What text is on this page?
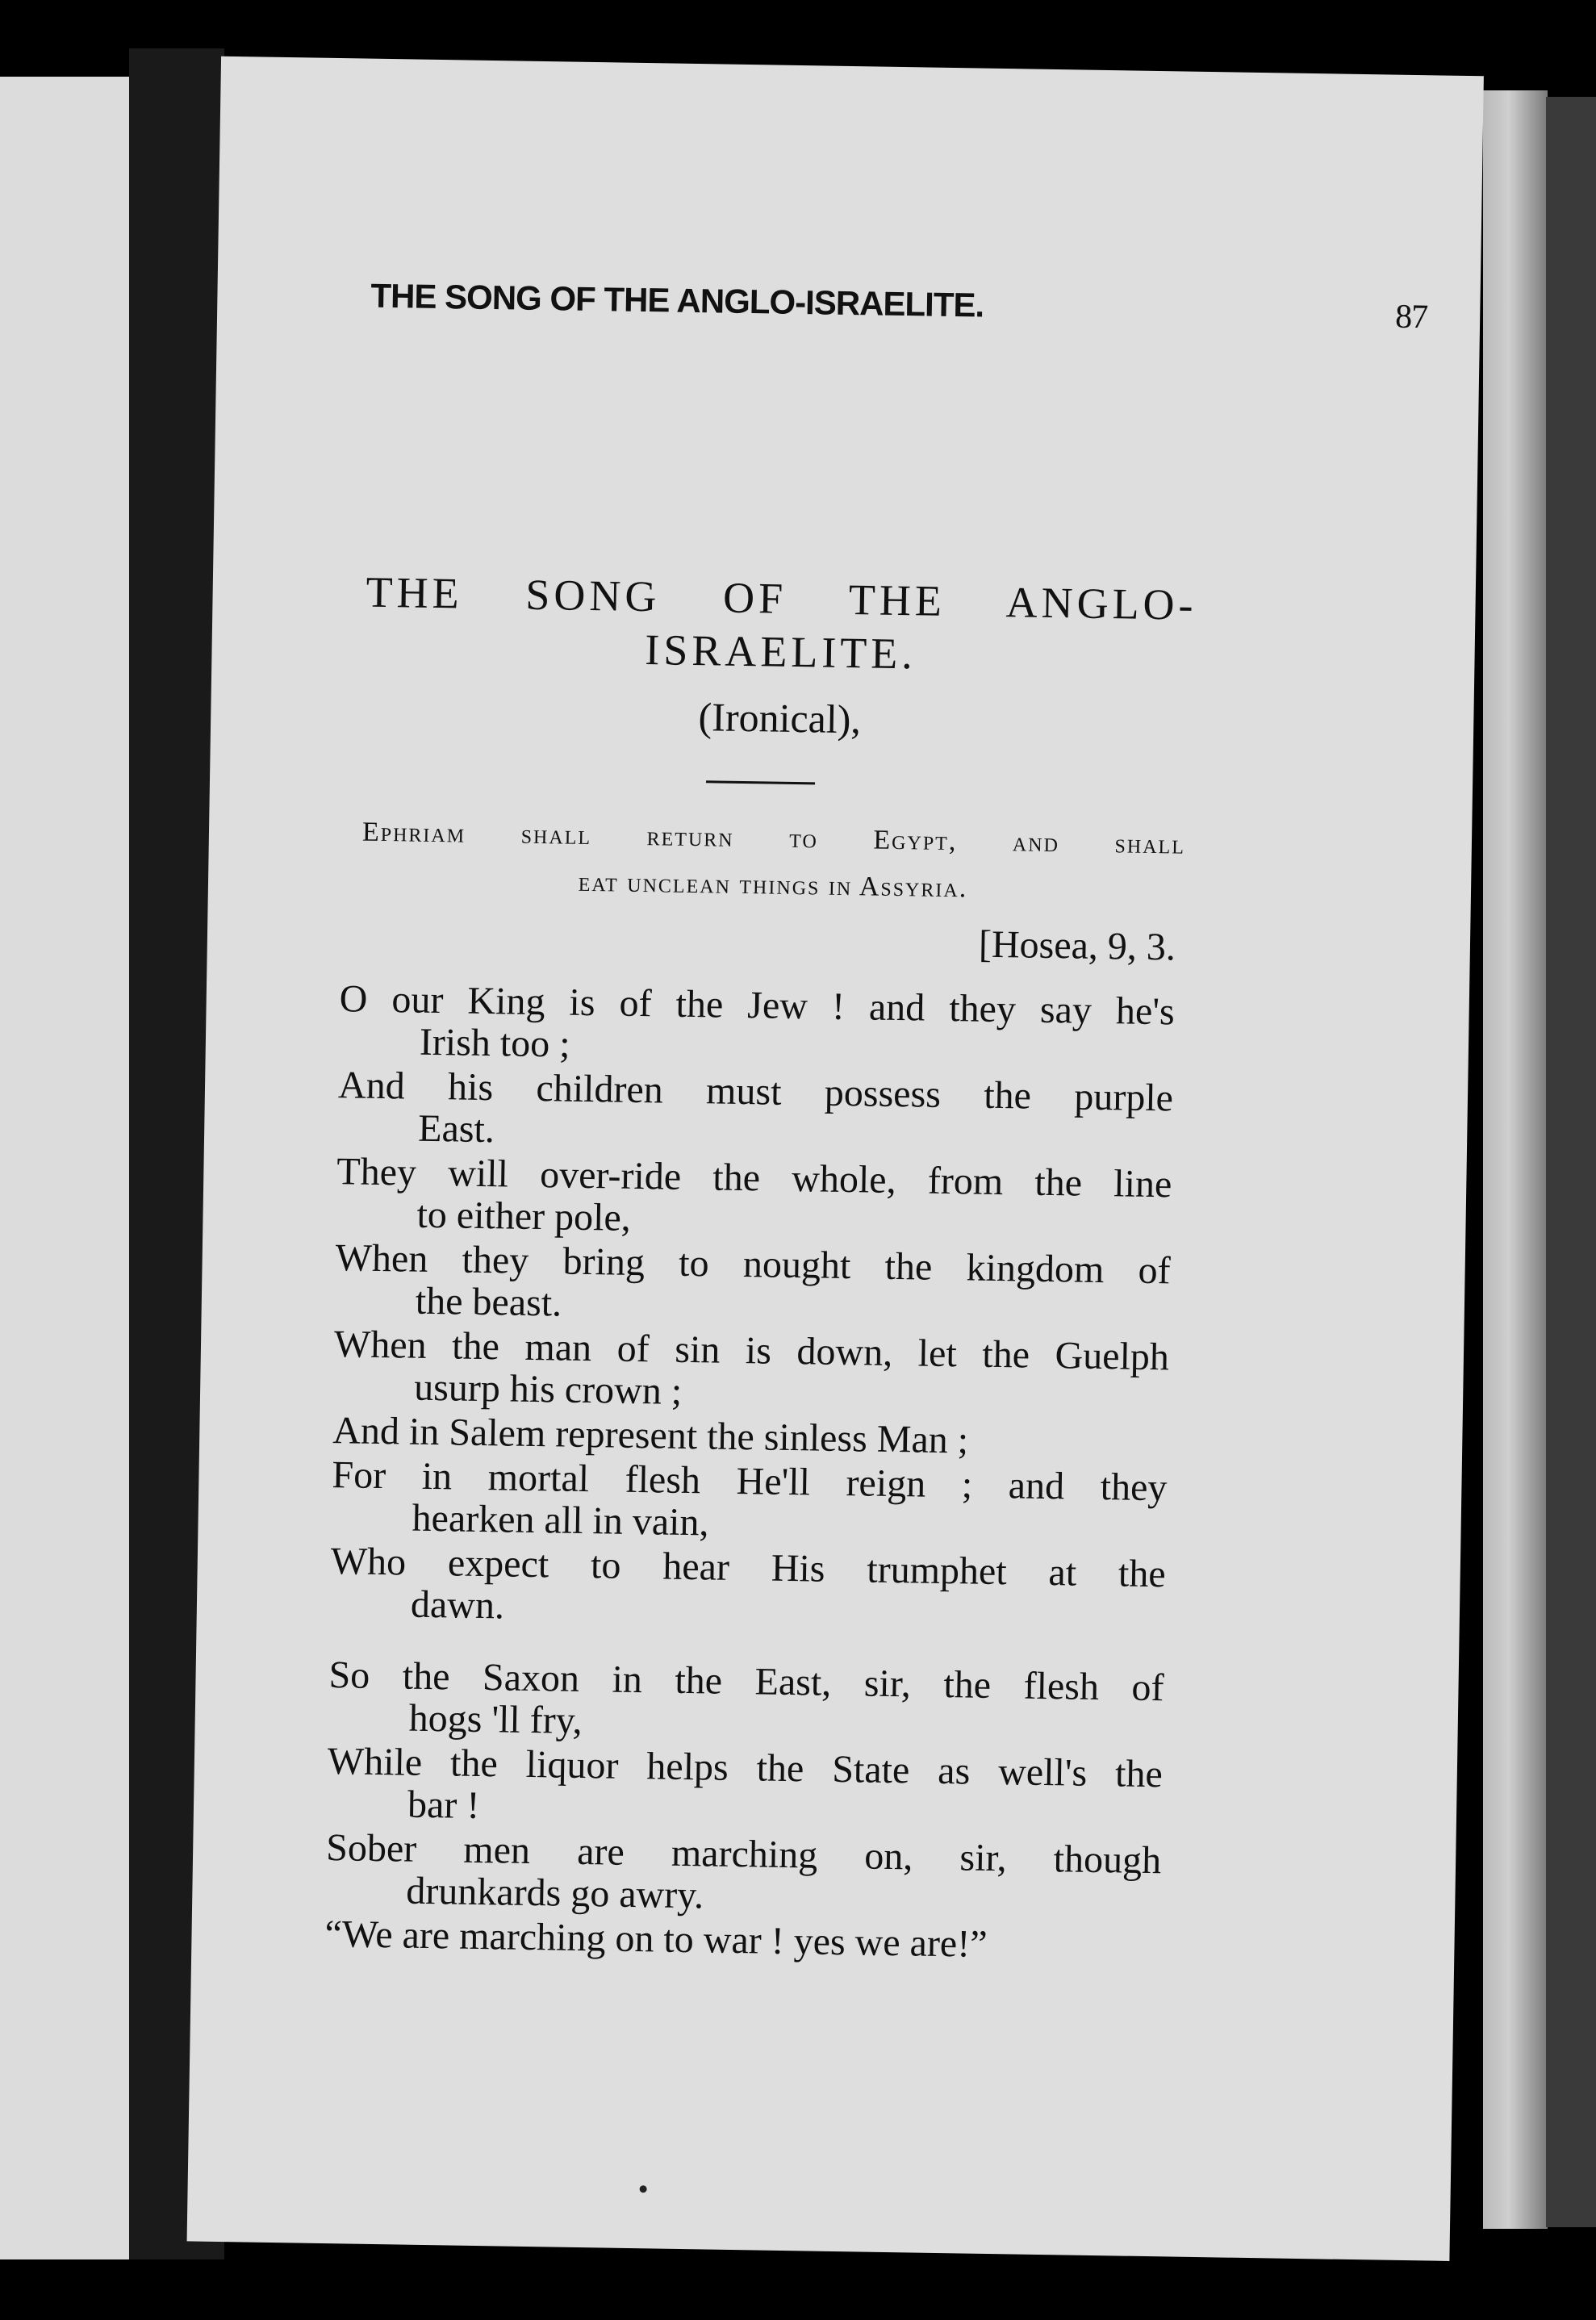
THE SONG OF THE ANGLO-ISRAELITE.	87
THE SONG OF THE ANGLO-
ISRAELITE.
(Ironical),
Ephriam shall return to Egypt, and shall
eat unclean things in Assyria.
[Hosea, 9, 3.
O our King is of the Jew ! and they say he's
Irish too ;
And his children must possess the purple
East.
They will over-ride the whole, from the line
to either pole,
When they bring to nought the kingdom of
the beast.
When the man of sin is down, let the Guelph
usurp his crown ;
And in Salem represent the sinless Man ;
For in mortal flesh He'll reign ; and they
hearken all in vain,
Who expect to hear His trumphet at the
dawn.
So the Saxon in the East, sir, the flesh of
hogs 'll fry,
While the liquor helps the State as well's the
bar !
Sober men are marching on, sir, though
drunkards go awry.
“We are marching on to war ! yes we are!”
